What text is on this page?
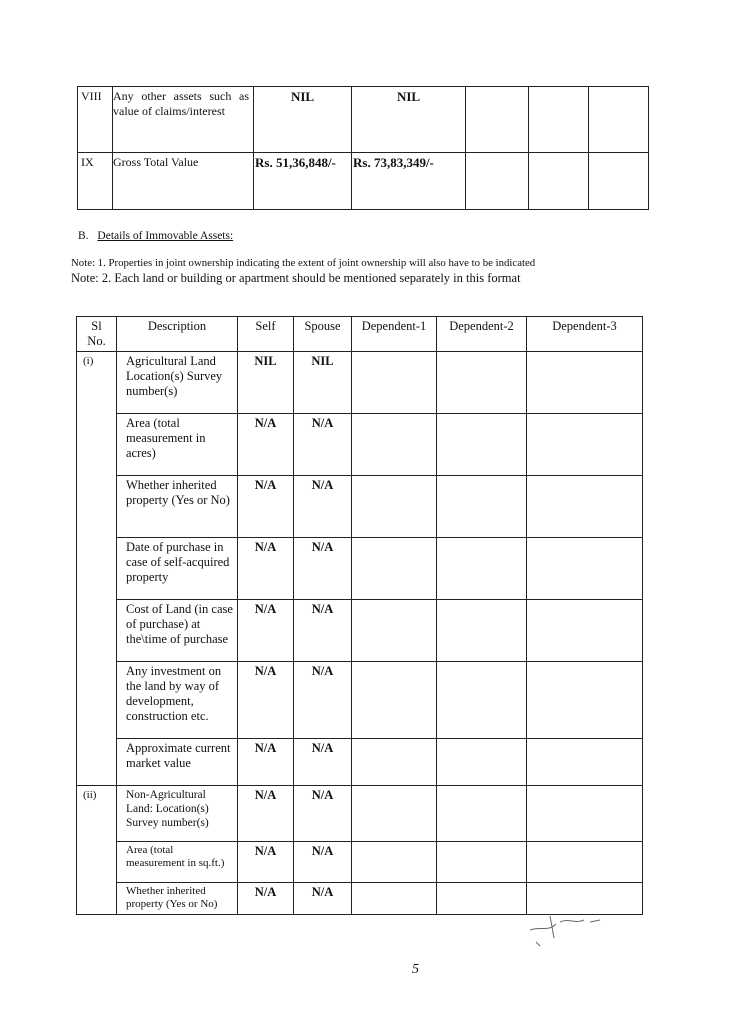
VIII	Any other assets such as value of claims/interest	NIL	NIL			
IX	Gross Total Value	Rs. 51,36,848/-	Rs. 73,83,349/-			
B. Details of Immovable Assets:
Note: 1. Properties in joint ownership indicating the extent of joint ownership will also have to be indicated
Note: 2. Each land or building or apartment should be mentioned separately in this format
Sl No.	Description	Self	Spouse	Dependent-1	Dependent-2	Dependent-3
(i)	Agricultural Land Location(s) Survey number(s)	NIL	NIL			
	Area (total measurement in acres)	N/A	N/A			
	Whether inherited property (Yes or No)	N/A	N/A			
	Date of purchase in case of self-acquired property	N/A	N/A			
	Cost of Land (in case of purchase) at the\time of purchase	N/A	N/A			
	Any investment on the land by way of development, construction etc.	N/A	N/A			
	Approximate current market value	N/A	N/A			
(ii)	Non-Agricultural Land: Location(s) Survey number(s)	N/A	N/A			
	Area (total measurement in sq.ft.)	N/A	N/A			
	Whether inherited property (Yes or No)	N/A	N/A			
5
